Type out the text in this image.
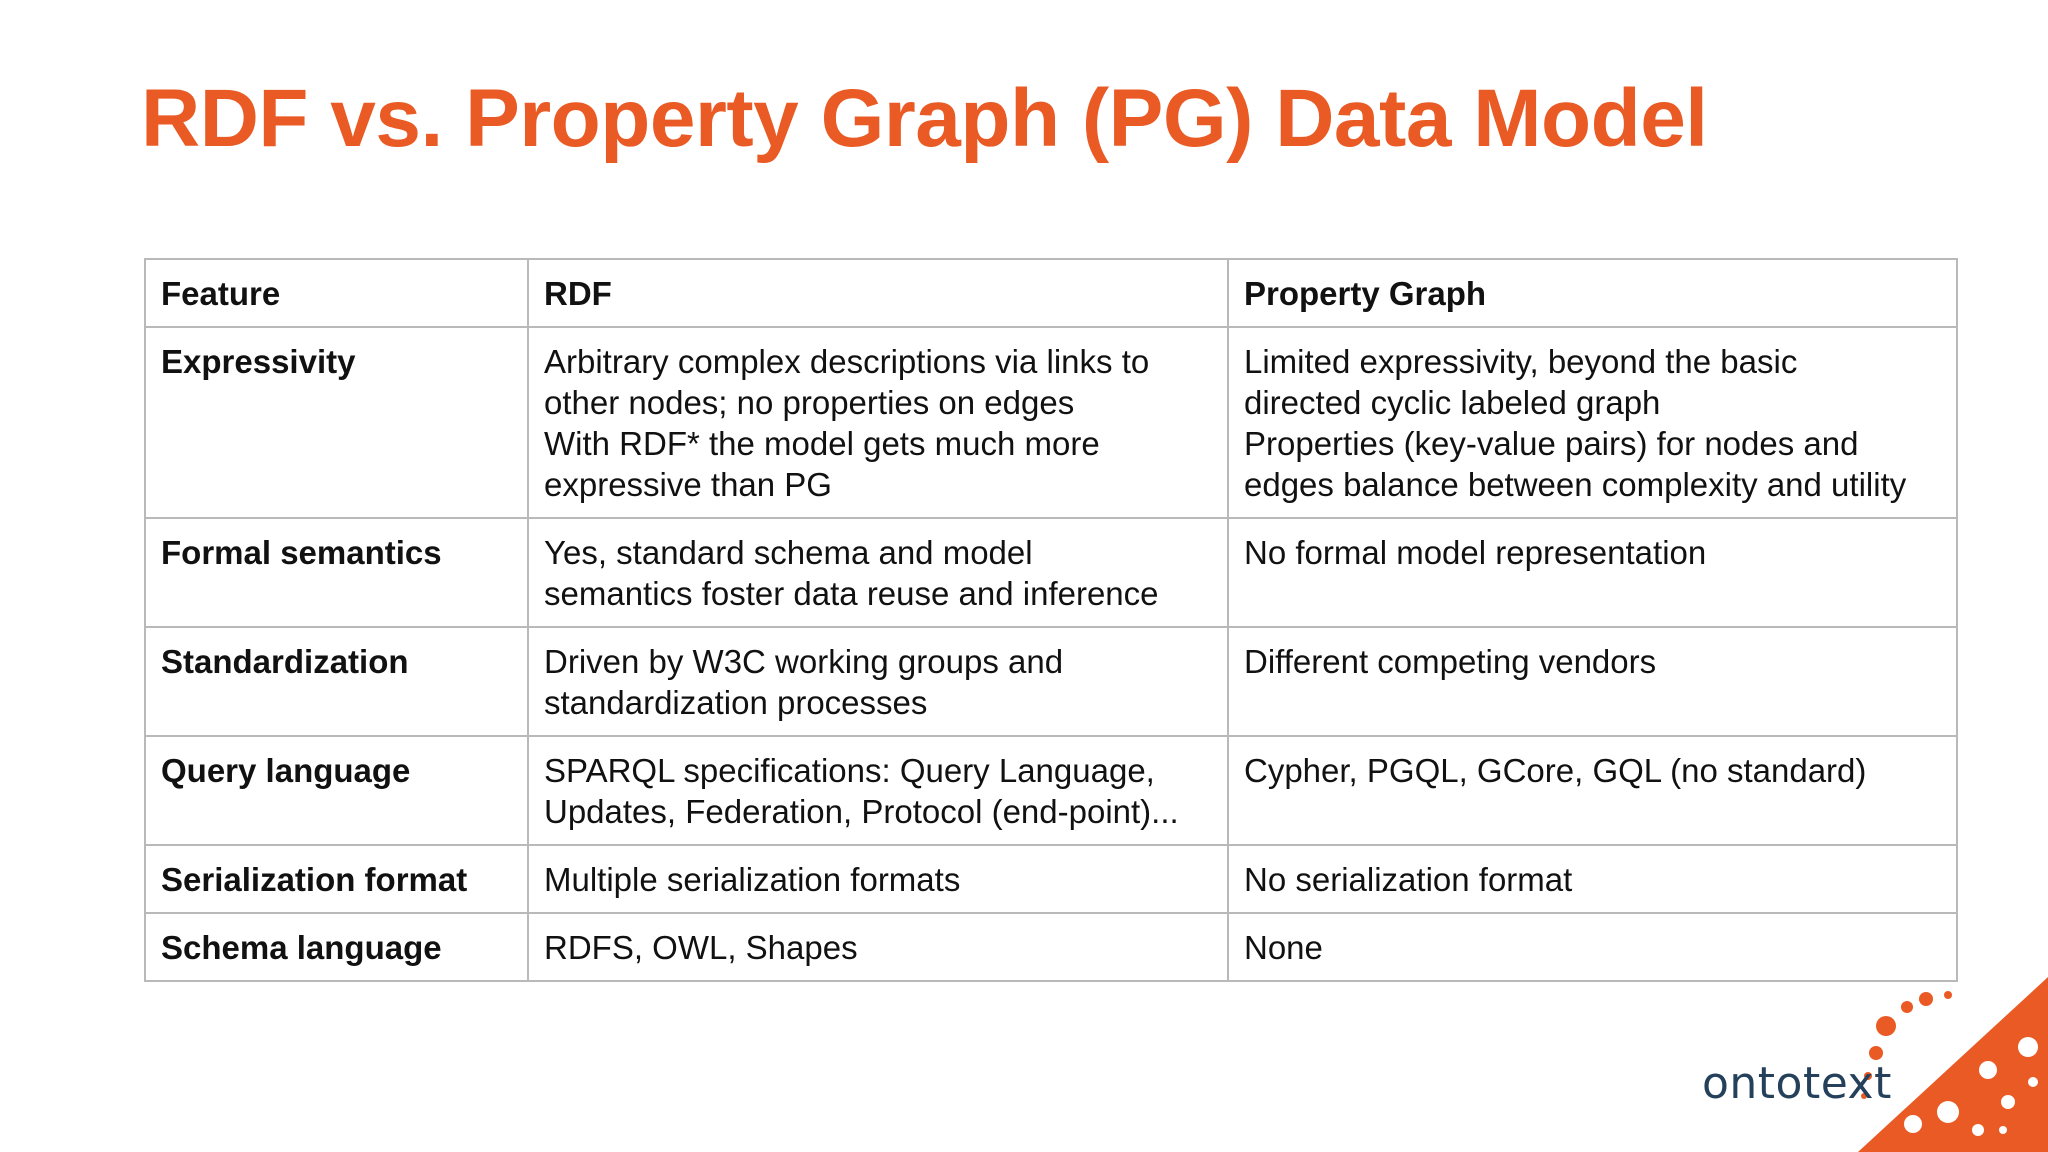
RDF vs. Property Graph (PG) Data Model
Feature	RDF	Property Graph
Expressivity	Arbitrary complex descriptions via links to
other nodes; no properties on edges
With RDF* the model gets much more
expressive than PG	Limited expressivity, beyond the basic
directed cyclic labeled graph
Properties (key-value pairs) for nodes and
edges balance between complexity and utility

Formal semantics	Yes, standard schema and model
semantics foster data reuse and inference	No formal model representation

Standardization	Driven by W3C working groups and
standardization processes	Different competing vendors

Query language	SPARQL specifications: Query Language,
Updates, Federation, Protocol (end-point)...	Cypher, PGQL, GCore, GQL (no standard)

Serialization format	Multiple serialization formats	No serialization format

Schema language	RDFS, OWL, Shapes	None
ontotext
